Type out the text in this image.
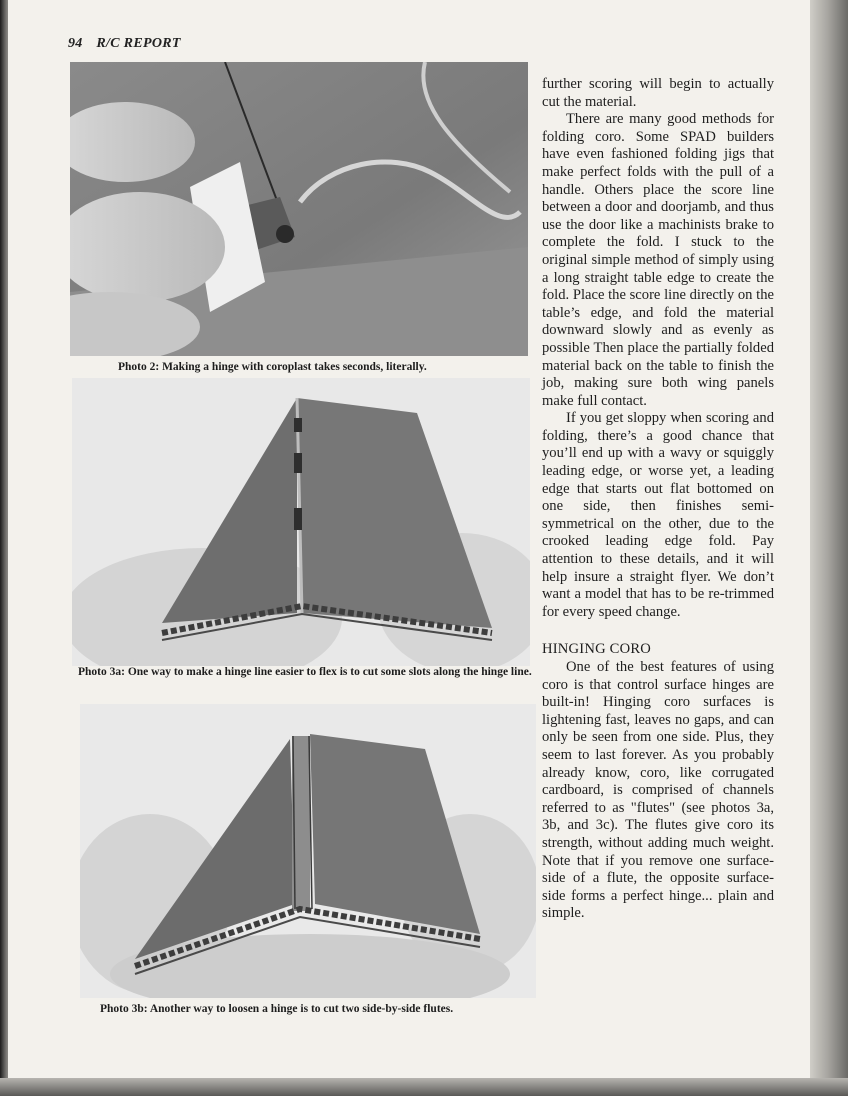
94 R/C REPORT
Photo 2: Making a hinge with coroplast takes seconds, literally.
Photo 3a: One way to make a hinge line easier to flex is to cut some slots along the hinge line.
Photo 3b: Another way to loosen a hinge is to cut two side-by-side flutes.

further scoring will begin to actually cut the material.

There are many good methods for folding coro. Some SPAD builders have even fashioned folding jigs that make perfect folds with the pull of a handle. Others place the score line between a door and doorjamb, and thus use the door like a machinists brake to complete the fold. I stuck to the original simple method of simply using a long straight table edge to create the fold. Place the score line directly on the table’s edge, and fold the material downward slowly and as evenly as possible Then place the partially folded material back on the table to finish the job, making sure both wing panels make full contact.

If you get sloppy when scoring and folding, there’s a good chance that you’ll end up with a wavy or squiggly leading edge, or worse yet, a leading edge that starts out flat bottomed on one side, then finishes semi-symmetrical on the other, due to the crooked leading edge fold. Pay attention to these details, and it will help insure a straight flyer. We don’t want a model that has to be re-trimmed for every speed change.

HINGING CORO

One of the best features of using coro is that control surface hinges are built-in! Hinging coro surfaces is lightening fast, leaves no gaps, and can only be seen from one side. Plus, they seem to last forever. As you probably already know, coro, like corrugated cardboard, is comprised of channels referred to as "flutes" (see photos 3a, 3b, and 3c). The flutes give coro its strength, without adding much weight. Note that if you remove one surface-side of a flute, the opposite surface-side forms a perfect hinge... plain and simple.
